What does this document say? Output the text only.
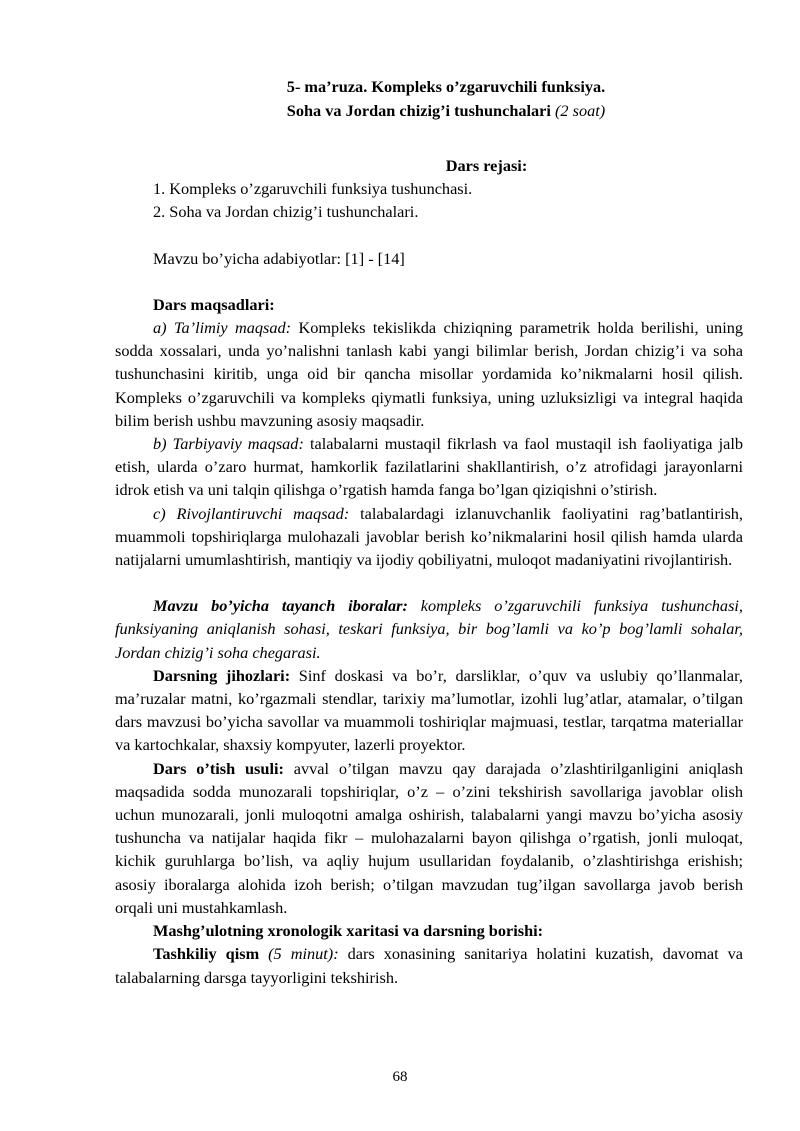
5- ma’ruza. Kompleks o’zgaruvchili funksiya.
Soha va Jordan chizig’i tushunchalari (2 soat)
Dars rejasi:
1. Kompleks o’zgaruvchili funksiya tushunchasi.
2. Soha va Jordan chizig’i tushunchalari.
Mavzu bo’yicha adabiyotlar: [1] - [14]
Dars maqsadlari:

a) Ta’limiy maqsad: Kompleks tekislikda chiziqning parametrik holda berilishi, uning sodda xossalari, unda yo’nalishni tanlash kabi yangi bilimlar berish, Jordan chizig’i va soha tushunchasini kiritib, unga oid bir qancha misollar yordamida ko’nikmalarni hosil qilish. Kompleks o’zgaruvchili va kompleks qiymatli funksiya, uning uzluksizligi va integral haqida bilim berish ushbu mavzuning asosiy maqsadir.

b) Tarbiyaviy maqsad: talabalarni mustaqil fikrlash va faol mustaqil ish faoliyatiga jalb etish, ularda o’zaro hurmat, hamkorlik fazilatlarini shakllantirish, o’z atrofidagi jarayonlarni idrok etish va uni talqin qilishga o’rgatish hamda fanga bo’lgan qiziqishni o’stirish.

c) Rivojlantiruvchi maqsad: talabalardagi izlanuvchanlik faoliyatini rag’batlantirish, muammoli topshiriqlarga mulohazali javoblar berish ko’nikmalarini hosil qilish hamda ularda natijalarni umumlashtirish, mantiqiy va ijodiy qobiliyatni, muloqot madaniyatini rivojlantirish.

Mavzu bo’yicha tayanch iboralar: kompleks o’zgaruvchili funksiya tushunchasi, funksiyaning aniqlanish sohasi, teskari funksiya, bir bog’lamli va ko’p bog’lamli sohalar, Jordan chizig’i soha chegarasi.

Darsning jihozlari: Sinf doskasi va bo’r, darsliklar, o’quv va uslubiy qo’llanmalar, ma’ruzalar matni, ko’rgazmali stendlar, tarixiy ma’lumotlar, izohli lug’atlar, atamalar, o’tilgan dars mavzusi bo’yicha savollar va muammoli toshiriqlar majmuasi, testlar, tarqatma materiallar va kartochkalar, shaxsiy kompyuter, lazerli proyektor.

Dars o’tish usuli: avval o’tilgan mavzu qay darajada o’zlashtirilganligini aniqlash maqsadida sodda munozarali topshiriqlar, o’z – o’zini tekshirish savollariga javoblar olish uchun munozarali, jonli muloqotni amalga oshirish, talabalarni yangi mavzu bo’yicha asosiy tushuncha va natijalar haqida fikr – mulohazalarni bayon qilishga o’rgatish, jonli muloqat, kichik guruhlarga bo’lish, va aqliy hujum usullaridan foydalanib, o’zlashtirishga erishish; asosiy iboralarga alohida izoh berish; o’tilgan mavzudan tug’ilgan savollarga javob berish orqali uni mustahkamlash.

Mashg’ulotning xronologik xaritasi va darsning borishi:

Tashkiliy qism (5 minut): dars xonasining sanitariya holatini kuzatish, davomat va talabalarning darsga tayyorligini tekshirish.

68
